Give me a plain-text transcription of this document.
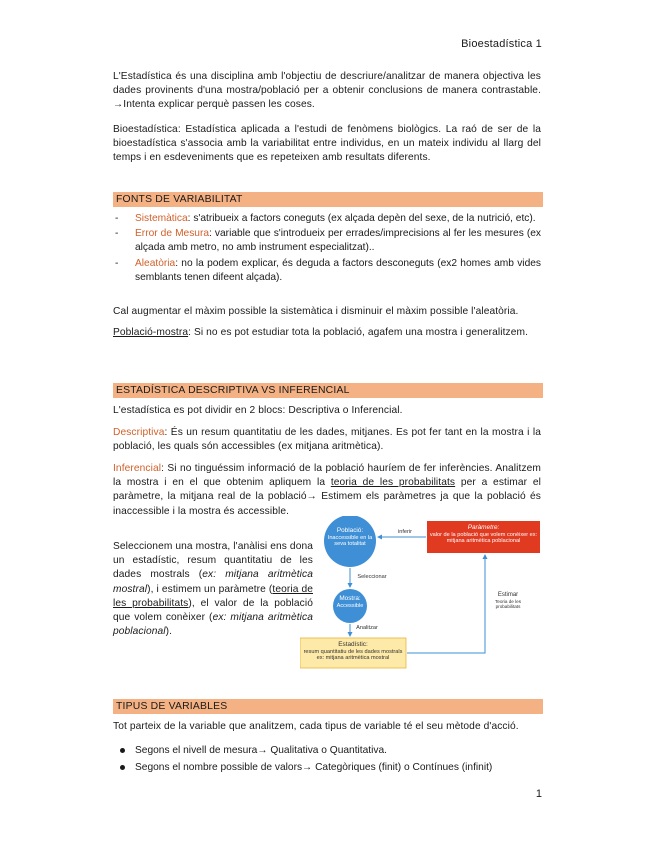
Bioestadística 1

L'Estadística és una disciplina amb l'objectiu de descriure/analitzar de manera objectiva les dades provinents d'una mostra/població per a obtenir conclusions de manera contrastable. →Intenta explicar perquè passen les coses.

Bioestadística: Estadística aplicada a l'estudi de fenòmens biològics. La raó de ser de la bioestadística s'associa amb la variabilitat entre individus, en un mateix individu al llarg del temps i en esdeveniments que es repeteixen amb resultats diferents.

FONTS DE VARIABILITAT
- Sistemàtica: s'atribueix a factors coneguts (ex alçada depèn del sexe, de la nutrició, etc).
- Error de Mesura: variable que s'introdueix per errades/imprecisions al fer les mesures (ex alçada amb metro, no amb instrument especialitzat)..
- Aleatòria: no la podem explicar, és deguda a factors desconeguts (ex2 homes amb vides semblants tenen difeent alçada).

Cal augmentar el màxim possible la sistemàtica i disminuir el màxim possible l'aleatòria.

Població-mostra: Si no es pot estudiar tota la població, agafem una mostra i generalitzem.

ESTADÍSTICA DESCRIPTIVA VS INFERENCIAL

L'estadística es pot dividir en 2 blocs: Descriptiva o Inferencial.

Descriptiva: És un resum quantitatiu de les dades, mitjanes. Es pot fer tant en la mostra i la població, les quals són accessibles (ex mitjana aritmètica).

Inferencial: Si no tinguéssim informació de la població hauríem de fer inferències. Analitzem la mostra i en el que obtenim apliquem la teoria de les probabilitats per a estimar el paràmetre, la mitjana real de la població→ Estimem els paràmetres ja que la població és inaccessible i la mostra és accessible.

Seleccionem una mostra, l'anàlisi ens dona un estadístic, resum quantitatiu de les dades mostrals (ex: mitjana aritmètica mostral), i estimem un paràmetre (teoria de les probabilitats), el valor de la població que volem conèixer (ex: mitjana aritmètica poblacional).

Població:
Inaccessible en la seva totalitat
Mostra:
Accessible
Paràmetre:
valor de la població que volem conèixer ex: mitjana aritmètica poblacional
Estadístic:
resum quantitatiu de les dades mostrals ex: mitjana aritmètica mostral
inferir
Seleccionar
Analitzar
Estimar
Teoria de les probabilitats
TIPUS DE VARIABLES

Tot parteix de la variable que analitzem, cada tipus de variable té el seu mètode d'acció.

Segons el nivell de mesura→ Qualitativa o Quantitativa.
Segons el nombre possible de valors→ Categòriques (finit) o Contínues (infinit)
1
